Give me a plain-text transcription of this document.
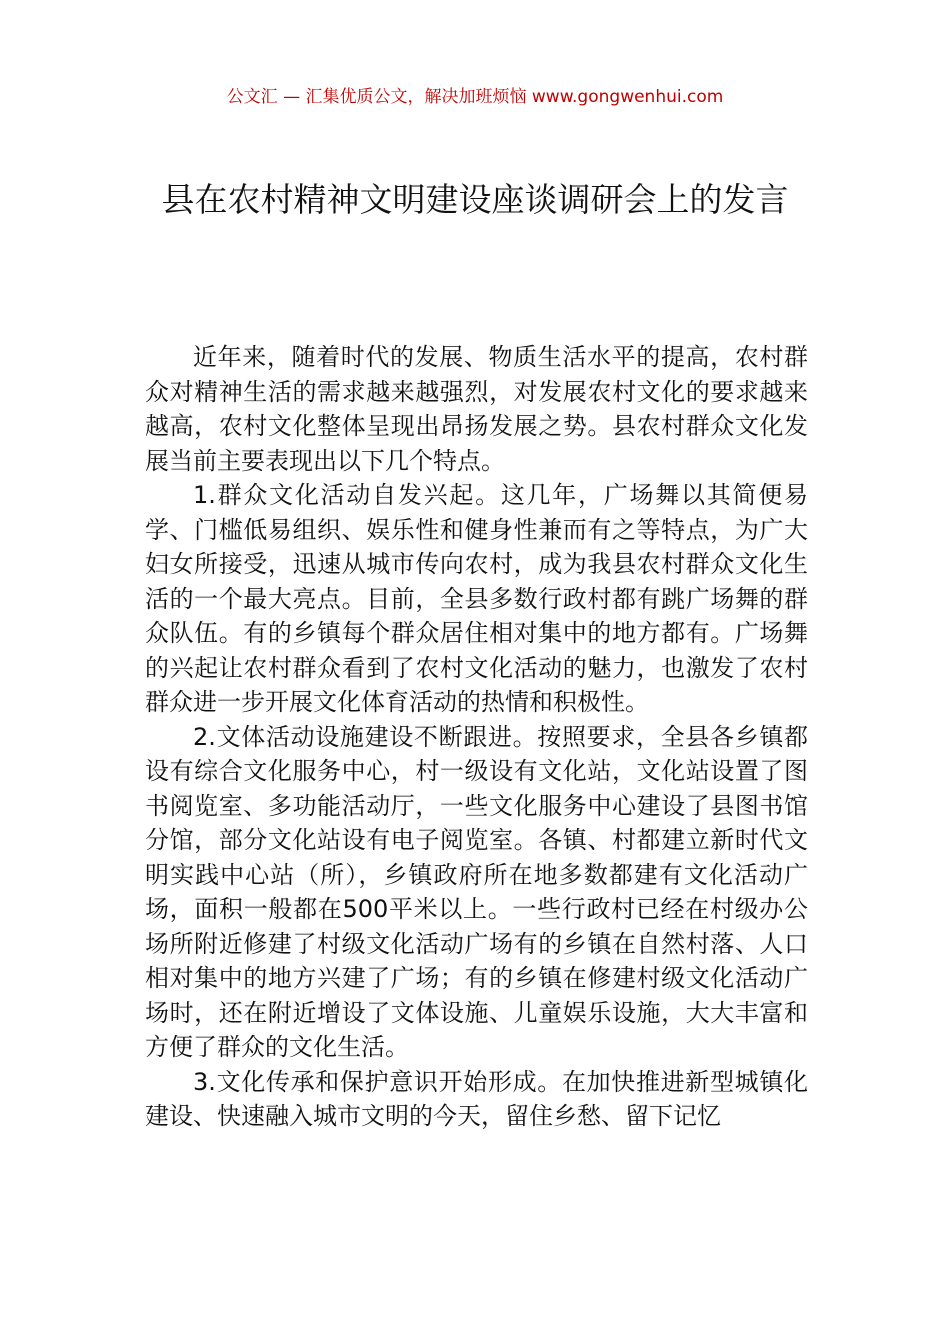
公文汇 — 汇集优质公文，解决加班烦恼 www.gongwenhui.com
县在农村精神文明建设座谈调研会上的发言

近年来，随着时代的发展、物质生活水平的提高，农村群众对精神生活的需求越来越强烈，对发展农村文化的要求越来越高，农村文化整体呈现出昂扬发展之势。县农村群众文化发展当前主要表现出以下几个特点。

1.群众文化活动自发兴起。这几年，广场舞以其简便易学、门槛低易组织、娱乐性和健身性兼而有之等特点，为广大妇女所接受，迅速从城市传向农村，成为我县农村群众文化生活的一个最大亮点。目前，全县多数行政村都有跳广场舞的群众队伍。有的乡镇每个群众居住相对集中的地方都有。广场舞的兴起让农村群众看到了农村文化活动的魅力，也激发了农村群众进一步开展文化体育活动的热情和积极性。

2.文体活动设施建设不断跟进。按照要求，全县各乡镇都设有综合文化服务中心，村一级设有文化站，文化站设置了图书阅览室、多功能活动厅，一些文化服务中心建设了县图书馆分馆，部分文化站设有电子阅览室。各镇、村都建立新时代文明实践中心站（所），乡镇政府所在地多数都建有文化活动广场，面积一般都在500平米以上。一些行政村已经在村级办公场所附近修建了村级文化活动广场有的乡镇在自然村落、人口相对集中的地方兴建了广场；有的乡镇在修建村级文化活动广场时，还在附近增设了文体设施、儿童娱乐设施，大大丰富和方便了群众的文化生活。

3.文化传承和保护意识开始形成。在加快推进新型城镇化建设、快速融入城市文明的今天，留住乡愁、留下记忆
